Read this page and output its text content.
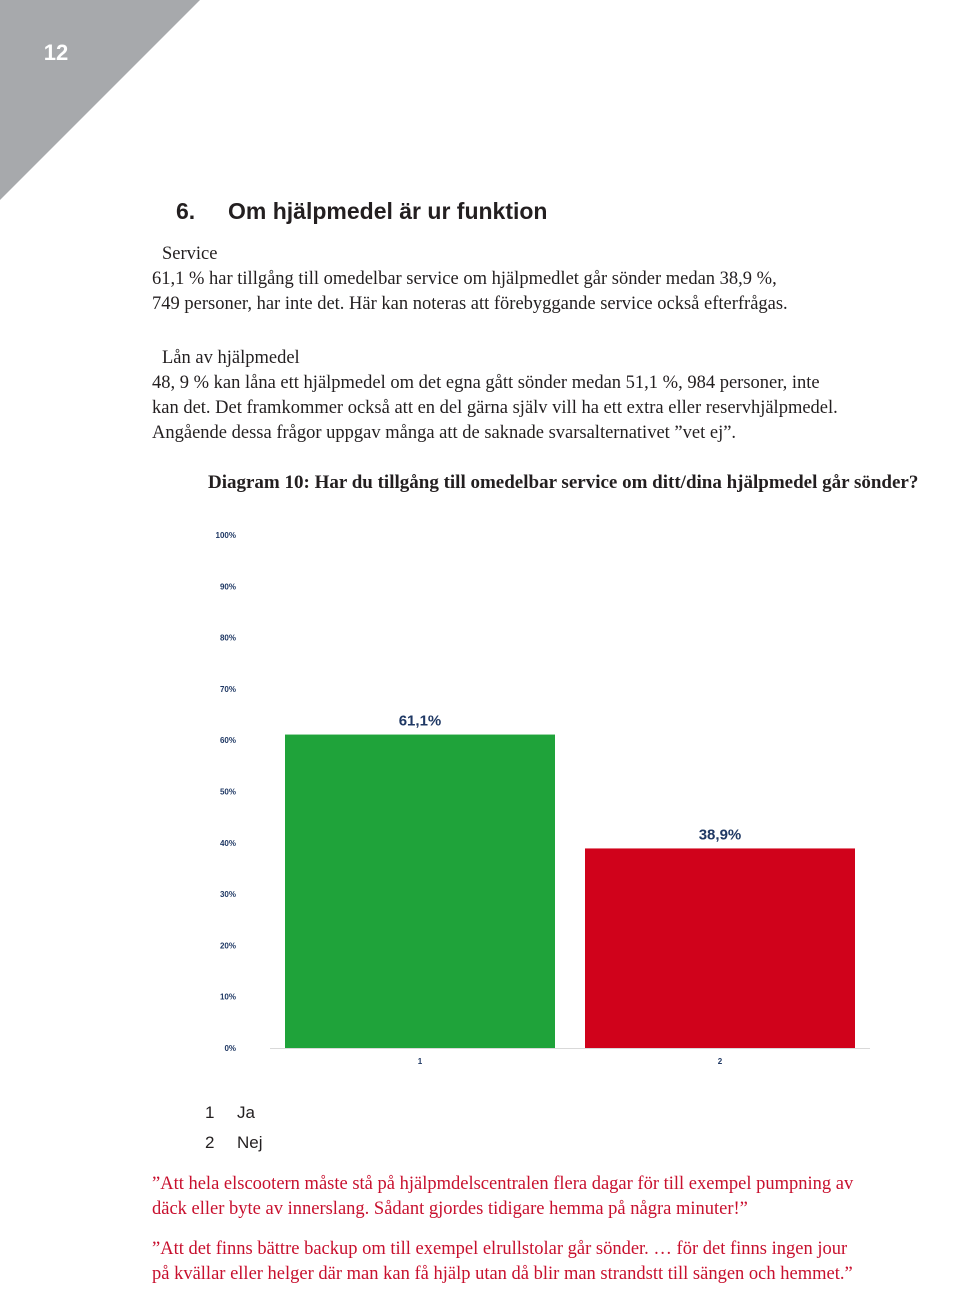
12
6. Om hjälpmedel är ur funktion
Service
61,1 % har tillgång till omedelbar service om hjälpmedlet går sönder medan 38,9 %,
749 personer, har inte det. Här kan noteras att förebyggande service också efterfrågas.
Lån av hjälpmedel
48, 9 % kan låna ett hjälpmedel om det egna gått sönder medan 51,1 %, 984 personer, inte
kan det. Det framkommer också att en del gärna själv vill ha ett extra eller reservhjälpmedel.
Angående dessa frågor uppgav många att de saknade svarsalternativet ”vet ej”.
Diagram 10: Har du tillgång till omedelbar service om ditt/dina hjälpmedel går sönder?
0%
10%
20%
30%
40%
50%
60%
70%
80%
90%
100%
61,1%
1
38,9%
2
1 Ja
2 Nej
”Att hela elscootern måste stå på hjälpmdelscentralen flera dagar för till exempel pumpning av
däck eller byte av innerslang. Sådant gjordes tidigare hemma på några minuter!”
”Att det finns bättre backup om till exempel elrullstolar går sönder. … för det finns ingen jour
på kvällar eller helger där man kan få hjälp utan då blir man strandstt till sängen och hemmet.”
